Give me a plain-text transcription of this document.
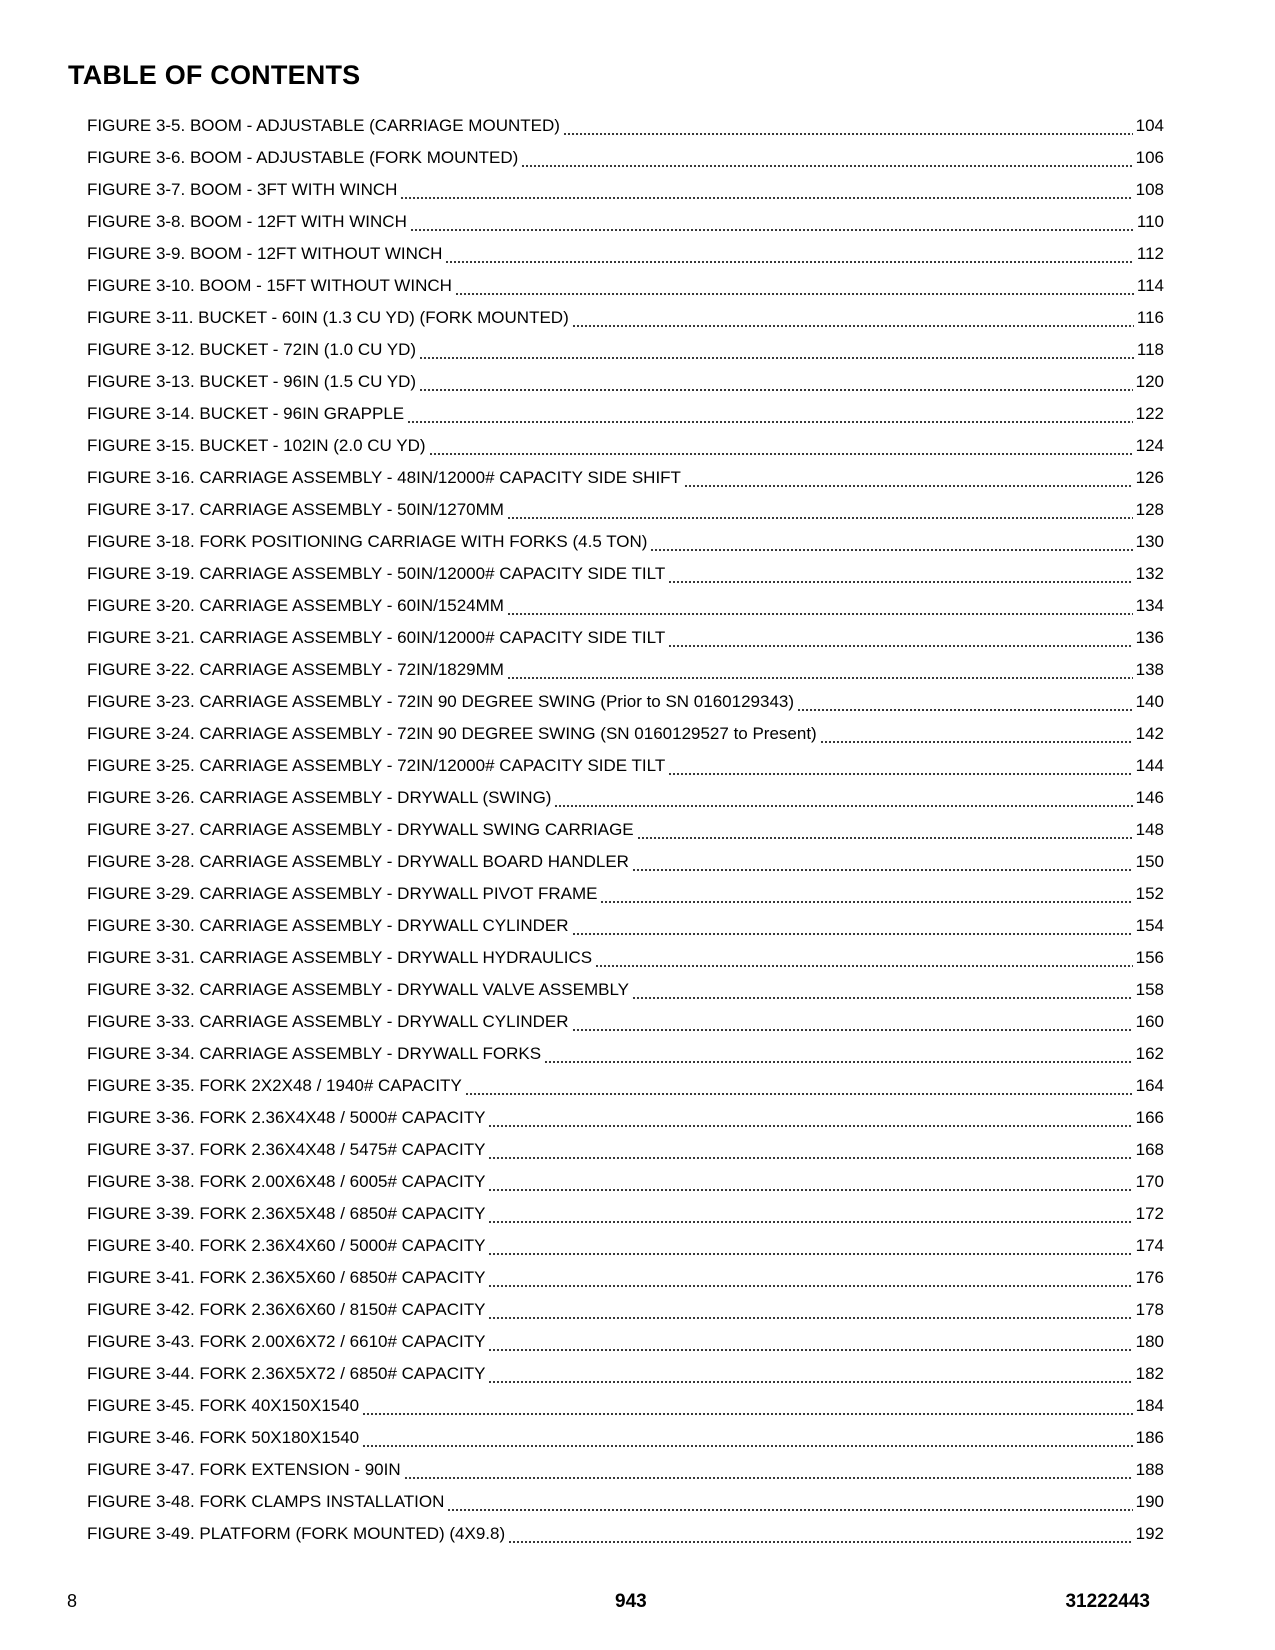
TABLE OF CONTENTS
FIGURE 3-5. BOOM - ADJUSTABLE (CARRIAGE MOUNTED)	104
FIGURE 3-6. BOOM - ADJUSTABLE (FORK MOUNTED)	106
FIGURE 3-7. BOOM - 3FT WITH WINCH	108
FIGURE 3-8. BOOM - 12FT WITH WINCH	110
FIGURE 3-9. BOOM - 12FT WITHOUT WINCH	112
FIGURE 3-10. BOOM - 15FT WITHOUT WINCH	114
FIGURE 3-11. BUCKET - 60IN (1.3 CU YD) (FORK MOUNTED)	116
FIGURE 3-12. BUCKET - 72IN (1.0 CU YD)	118
FIGURE 3-13. BUCKET - 96IN (1.5 CU YD)	120
FIGURE 3-14. BUCKET - 96IN GRAPPLE	122
FIGURE 3-15. BUCKET - 102IN (2.0 CU YD)	124
FIGURE 3-16. CARRIAGE ASSEMBLY - 48IN/12000# CAPACITY SIDE SHIFT	126
FIGURE 3-17. CARRIAGE ASSEMBLY - 50IN/1270MM	128
FIGURE 3-18. FORK POSITIONING CARRIAGE WITH FORKS (4.5 TON)	130
FIGURE 3-19. CARRIAGE ASSEMBLY - 50IN/12000# CAPACITY SIDE TILT	132
FIGURE 3-20. CARRIAGE ASSEMBLY - 60IN/1524MM	134
FIGURE 3-21. CARRIAGE ASSEMBLY - 60IN/12000# CAPACITY SIDE TILT	136
FIGURE 3-22. CARRIAGE ASSEMBLY - 72IN/1829MM	138
FIGURE 3-23. CARRIAGE ASSEMBLY - 72IN 90 DEGREE SWING (Prior to SN 0160129343)	140
FIGURE 3-24. CARRIAGE ASSEMBLY - 72IN 90 DEGREE SWING (SN 0160129527 to Present)	142
FIGURE 3-25. CARRIAGE ASSEMBLY - 72IN/12000# CAPACITY SIDE TILT	144
FIGURE 3-26. CARRIAGE ASSEMBLY - DRYWALL (SWING)	146
FIGURE 3-27. CARRIAGE ASSEMBLY - DRYWALL SWING CARRIAGE	148
FIGURE 3-28. CARRIAGE ASSEMBLY - DRYWALL BOARD HANDLER	150
FIGURE 3-29. CARRIAGE ASSEMBLY - DRYWALL PIVOT FRAME	152
FIGURE 3-30. CARRIAGE ASSEMBLY - DRYWALL CYLINDER	154
FIGURE 3-31. CARRIAGE ASSEMBLY - DRYWALL HYDRAULICS	156
FIGURE 3-32. CARRIAGE ASSEMBLY - DRYWALL VALVE ASSEMBLY	158
FIGURE 3-33. CARRIAGE ASSEMBLY - DRYWALL CYLINDER	160
FIGURE 3-34. CARRIAGE ASSEMBLY - DRYWALL FORKS	162
FIGURE 3-35. FORK 2X2X48 / 1940# CAPACITY	164
FIGURE 3-36. FORK 2.36X4X48 / 5000# CAPACITY	166
FIGURE 3-37. FORK 2.36X4X48 / 5475# CAPACITY	168
FIGURE 3-38. FORK 2.00X6X48 / 6005# CAPACITY	170
FIGURE 3-39. FORK 2.36X5X48 / 6850# CAPACITY	172
FIGURE 3-40. FORK 2.36X4X60 / 5000# CAPACITY	174
FIGURE 3-41. FORK 2.36X5X60 / 6850# CAPACITY	176
FIGURE 3-42. FORK 2.36X6X60 / 8150# CAPACITY	178
FIGURE 3-43. FORK 2.00X6X72 / 6610# CAPACITY	180
FIGURE 3-44. FORK 2.36X5X72 / 6850# CAPACITY	182
FIGURE 3-45. FORK 40X150X1540	184
FIGURE 3-46. FORK 50X180X1540	186
FIGURE 3-47. FORK EXTENSION - 90IN	188
FIGURE 3-48. FORK CLAMPS INSTALLATION	190
FIGURE 3-49. PLATFORM (FORK MOUNTED) (4X9.8)	192
8	943	31222443
